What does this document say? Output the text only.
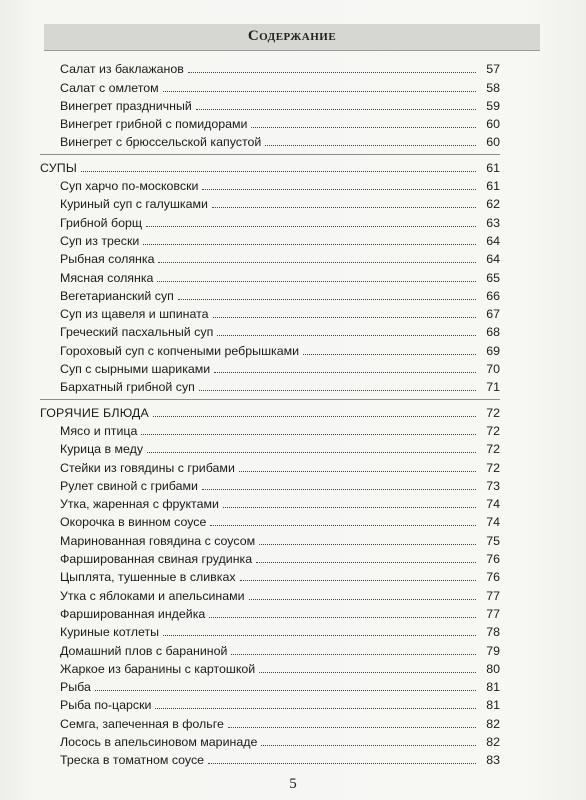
Содержание
Салат из баклажанов	57
Салат с омлетом	58
Винегрет праздничный	59
Винегрет грибной с помидорами	60
Винегрет с брюссельской капустой	60
СУПЫ	61
Суп харчо по-московски	61
Куриный суп с галушками	62
Грибной борщ	63
Суп из трески	64
Рыбная солянка	64
Мясная солянка	65
Вегетарианский суп	66
Суп из щавеля и шпината	67
Греческий пасхальный суп	68
Гороховый суп с копчеными ребрышками	69
Суп с сырными шариками	70
Бархатный грибной суп	71
ГОРЯЧИЕ БЛЮДА	72
Мясо и птица	72
Курица в меду	72
Стейки из говядины с грибами	72
Рулет свиной с грибами	73
Утка, жаренная с фруктами	74
Окорочка в винном соусе	74
Маринованная говядина с соусом	75
Фаршированная свиная грудинка	76
Цыплята, тушенные в сливках	76
Утка с яблоками и апельсинами	77
Фаршированная индейка	77
Куриные котлеты	78
Домашний плов с бараниной	79
Жаркое из баранины с картошкой	80
Рыба	81
Рыба по-царски	81
Семга, запеченная в фольге	82
Лосось в апельсиновом маринаде	82
Треска в томатном соусе	83
5
